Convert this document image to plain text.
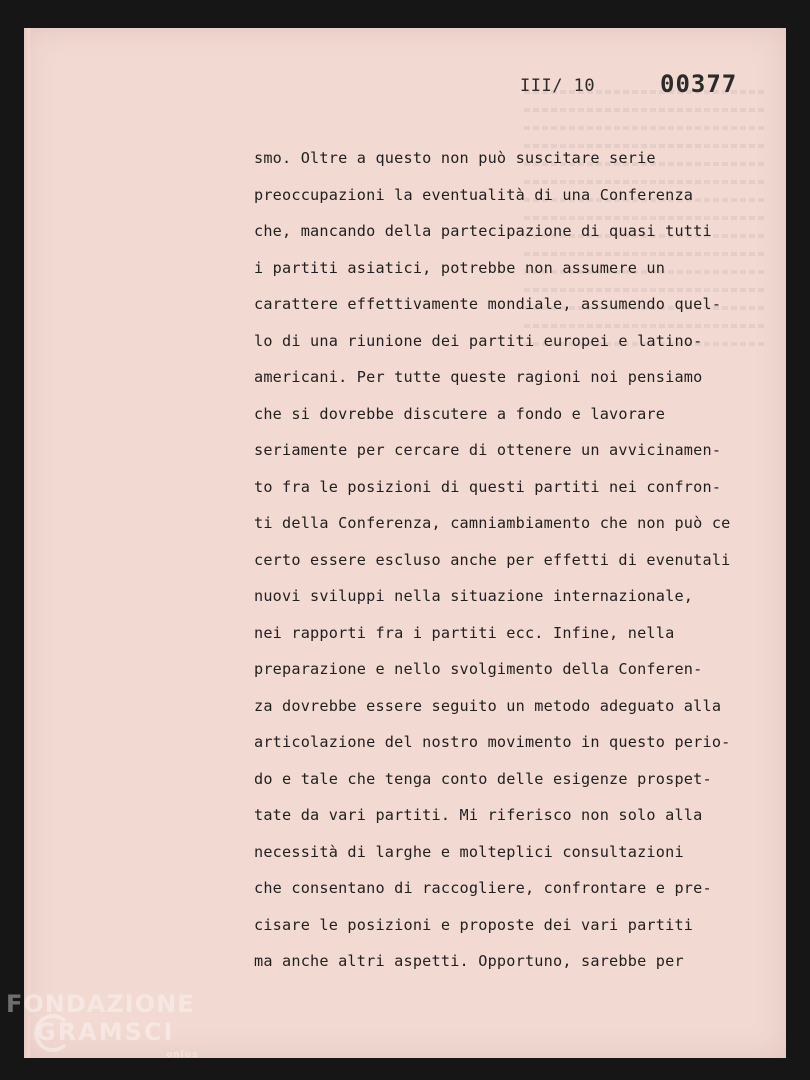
III/ 10	00377
smo. Oltre a questo non può suscitare serie
preoccupazioni la eventualità di una Conferenza
che, mancando della partecipazione di quasi tutti
i partiti asiatici, potrebbe non assumere un
carattere effettivamente mondiale, assumendo quel-
lo di una riunione dei partiti europei e latino-
americani. Per tutte queste ragioni noi pensiamo
che si dovrebbe discutere a fondo e lavorare
seriamente per cercare di ottenere un avvicinamen-
to fra le posizioni di questi partiti nei confron-
ti della Conferenza, camniambiamento che non può ce
certo essere escluso anche per effetti di evenutali
nuovi sviluppi nella situazione internazionale,
nei rapporti fra i partiti ecc. Infine, nella
preparazione e nello svolgimento della Conferen-
za dovrebbe essere seguito un metodo adeguato alla
articolazione del nostro movimento in questo perio-
do e tale che tenga conto delle esigenze prospet-
tate da vari partiti. Mi riferisco non solo alla
necessità di larghe e molteplici consultazioni
che consentano di raccogliere, confrontare e pre-
cisare le posizioni e proposte dei vari partiti
ma anche altri aspetti. Opportuno, sarebbe per
FONDAZIONE
GRAMSCI
onlus
